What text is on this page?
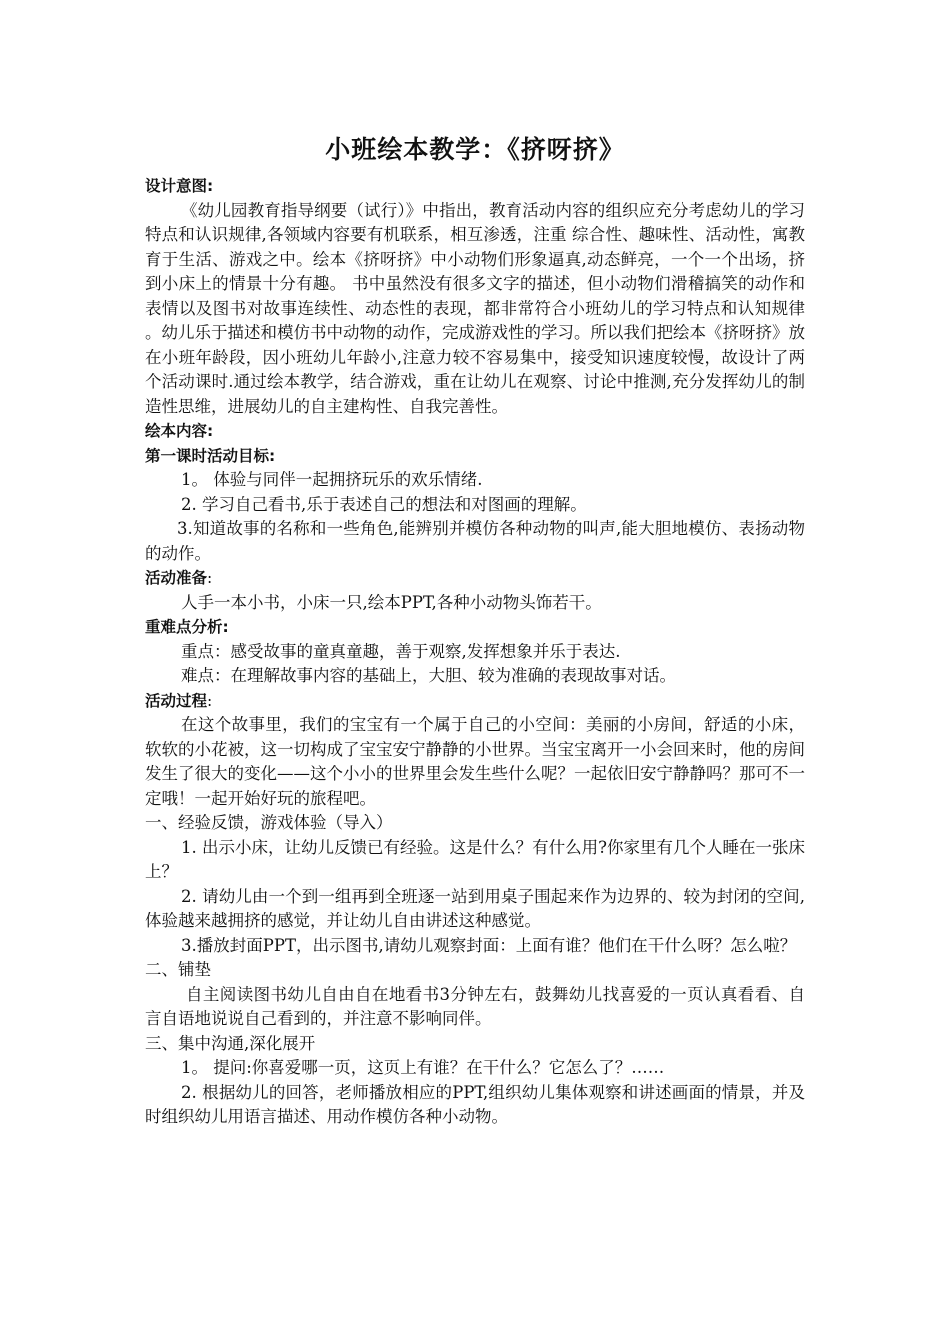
小班绘本教学：《挤呀挤》

设计意图:

《幼儿园教育指导纲要（试行）》中指出，教育活动内容的组织应充分考虑幼儿的学习特点和认识规律,各领域内容要有机联系，相互渗透，注重 综合性、趣味性、活动性，寓教育于生活、游戏之中。绘本《挤呀挤》中小动物们形象逼真,动态鲜亮，一个一个出场，挤到小床上的情景十分有趣。 书中虽然没有很多文字的描述，但小动物们滑稽搞笑的动作和表情以及图书对故事连续性、动态性的表现，都非常符合小班幼儿的学习特点和认知规律 。幼儿乐于描述和模仿书中动物的动作，完成游戏性的学习。所以我们把绘本《挤呀挤》放在小班年龄段，因小班幼儿年龄小,注意力较不容易集中，接受知识速度较慢，故设计了两个活动课时.通过绘本教学，结合游戏，重在让幼儿在观察、讨论中推测,充分发挥幼儿的制造性思维，进展幼儿的自主建构性、自我完善性。

绘本内容:

第一课时活动目标:

1。 体验与同伴一起拥挤玩乐的欢乐情绪.

2. 学习自己看书,乐于表述自己的想法和对图画的理解。

3.知道故事的名称和一些角色,能辨别并模仿各种动物的叫声,能大胆地模仿、表扬动物的动作。

活动准备:

人手一本小书，小床一只,绘本PPT,各种小动物头饰若干。

重难点分析:

重点：感受故事的童真童趣，善于观察,发挥想象并乐于表达.

难点：在理解故事内容的基础上，大胆、较为准确的表现故事对话。

活动过程:

在这个故事里，我们的宝宝有一个属于自己的小空间：美丽的小房间，舒适的小床，软软的小花被，这一切构成了宝宝安宁静静的小世界。当宝宝离开一小会回来时，他的房间发生了很大的变化——这个小小的世界里会发生些什么呢？一起依旧安宁静静吗？那可不一定哦！一起开始好玩的旅程吧。

一、经验反馈，游戏体验（导入）

1. 出示小床，让幼儿反馈已有经验。这是什么？有什么用?你家里有几个人睡在一张床上？

2. 请幼儿由一个到一组再到全班逐一站到用桌子围起来作为边界的、较为封闭的空间,体验越来越拥挤的感觉，并让幼儿自由讲述这种感觉。

3.播放封面PPT，出示图书,请幼儿观察封面：上面有谁？他们在干什么呀？怎么啦？

二、铺垫

自主阅读图书幼儿自由自在地看书3分钟左右，鼓舞幼儿找喜爱的一页认真看看、自言自语地说说自己看到的，并注意不影响同伴。

三、集中沟通,深化展开

1。 提问:你喜爱哪一页，这页上有谁？在干什么？它怎么了？……

2. 根据幼儿的回答，老师播放相应的PPT,组织幼儿集体观察和讲述画面的情景，并及时组织幼儿用语言描述、用动作模仿各种小动物。
